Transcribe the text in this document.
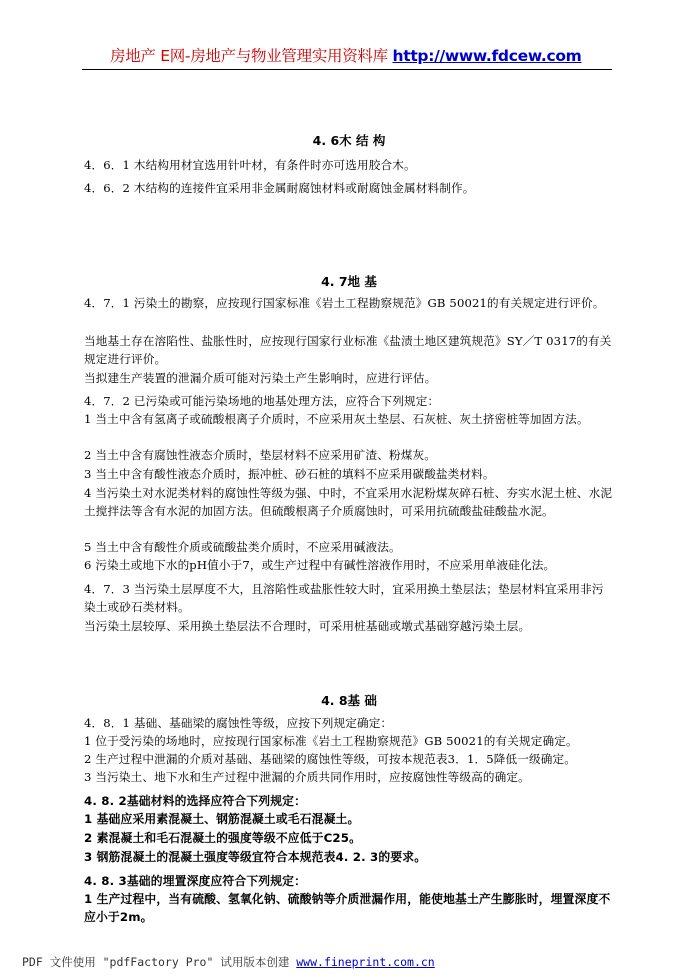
房地产 E网-房地产与物业管理实用资料库 http://www.fdcew.com
4. 6木 结 构
4．6．1 木结构用材宜选用针叶材，有条件时亦可选用胶合木。
4．6．2 木结构的连接件宜采用非金属耐腐蚀材料或耐腐蚀金属材料制作。
4. 7地 基
4．7．1 污染土的勘察，应按现行国家标准《岩土工程勘察规范》GB 50021的有关规定进行评价。
当地基土存在溶陷性、盐胀性时，应按现行国家行业标准《盐渍土地区建筑规范》SY／T 0317的有关规定进行评价。
当拟建生产装置的泄漏介质可能对污染土产生影响时，应进行评估。
4．7．2 已污染或可能污染场地的地基处理方法，应符合下列规定：
1 当土中含有氢离子或硫酸根离子介质时，不应采用灰土垫层、石灰桩、灰土挤密桩等加固方法。
2 当土中含有腐蚀性液态介质时，垫层材料不应采用矿渣、粉煤灰。
3 当土中含有酸性液态介质时，振冲桩、砂石桩的填料不应采用碳酸盐类材料。
4 当污染土对水泥类材料的腐蚀性等级为强、中时，不宜采用水泥粉煤灰碎石桩、夯实水泥土桩、水泥土搅拌法等含有水泥的加固方法。但硫酸根离子介质腐蚀时，可采用抗硫酸盐硅酸盐水泥。
5 当土中含有酸性介质或硫酸盐类介质时，不应采用碱液法。
6 污染土或地下水的pH值小于7，或生产过程中有碱性溶液作用时，不应采用单液硅化法。
4．7．3 当污染土层厚度不大，且溶陷性或盐胀性较大时，宜采用换土垫层法；垫层材料宜采用非污染土或砂石类材料。
当污染土层较厚、采用换土垫层法不合理时，可采用桩基础或墩式基础穿越污染土层。
4. 8基 础
4．8．1 基础、基础梁的腐蚀性等级，应按下列规定确定：
1 位于受污染的场地时，应按现行国家标准《岩土工程勘察规范》GB 50021的有关规定确定。
2 生产过程中泄漏的介质对基础、基础梁的腐蚀性等级，可按本规范表3．1．5降低一级确定。
3 当污染土、地下水和生产过程中泄漏的介质共同作用时，应按腐蚀性等级高的确定。
4. 8. 2基础材料的选择应符合下列规定：
1 基础应采用素混凝土、钢筋混凝土或毛石混凝土。
2 素混凝土和毛石混凝土的强度等级不应低于C25。
3 钢筋混凝土的混凝土强度等级宜符合本规范表4. 2. 3的要求。
4. 8. 3基础的埋置深度应符合下列规定：
1 生产过程中，当有硫酸、氢氧化钠、硫酸钠等介质泄漏作用，能使地基土产生膨胀时，埋置深度不应小于2m。
PDF 文件使用 "pdfFactory Pro" 试用版本创建 www.fineprint.com.cn
